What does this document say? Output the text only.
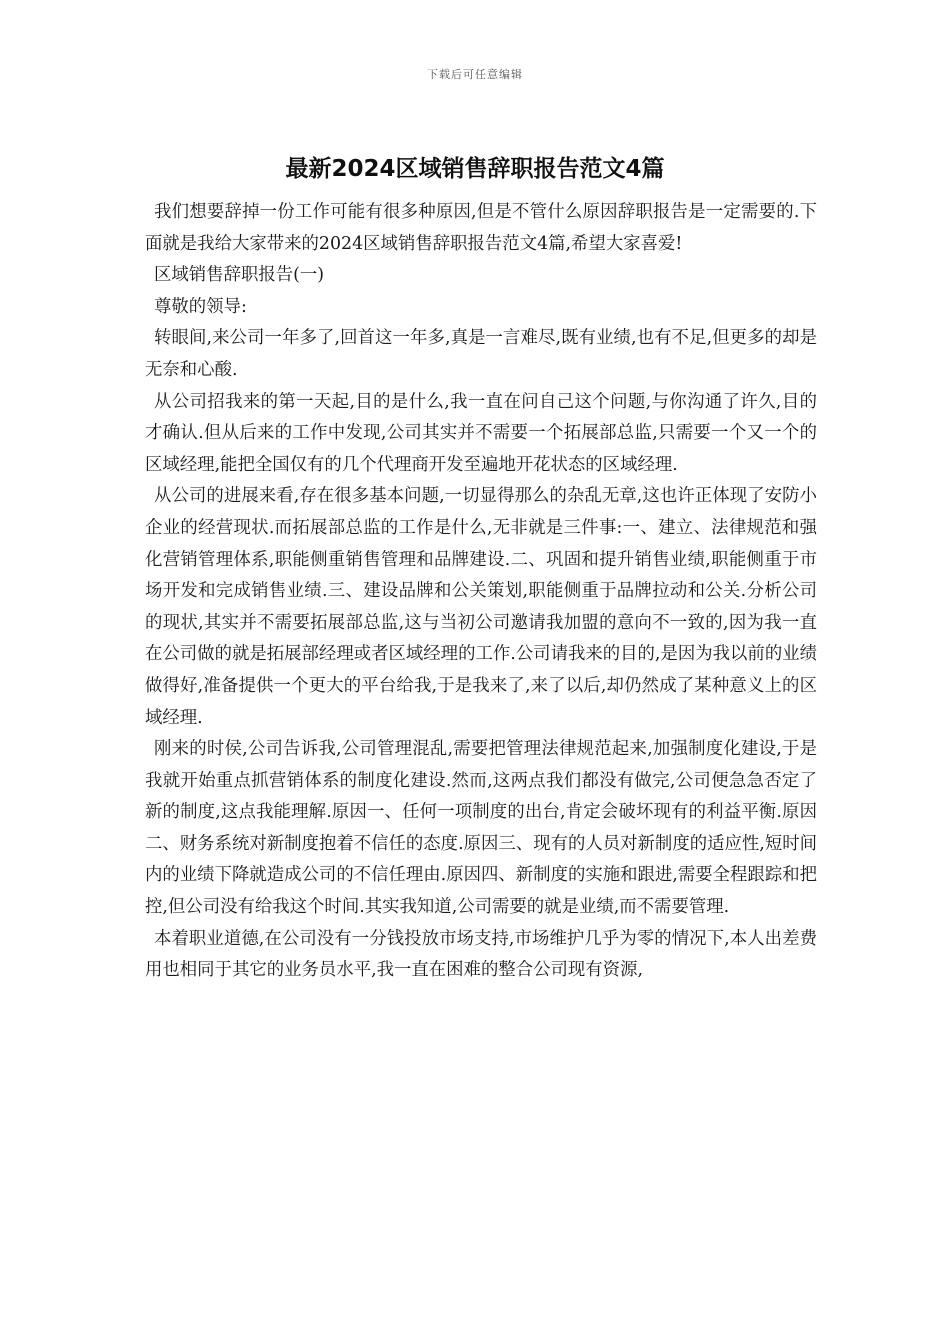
下载后可任意编辑
最新2024区域销售辞职报告范文4篇

我们想要辞掉一份工作可能有很多种原因,但是不管什么原因辞职报告是一定需要的.下面就是我给大家带来的2024区域销售辞职报告范文4篇,希望大家喜爱!

区域销售辞职报告(一)

尊敬的领导:

转眼间,来公司一年多了,回首这一年多,真是一言难尽,既有业绩,也有不足,但更多的却是无奈和心酸.

从公司招我来的第一天起,目的是什么,我一直在问自己这个问题,与你沟通了许久,目的才确认.但从后来的工作中发现,公司其实并不需要一个拓展部总监,只需要一个又一个的区域经理,能把全国仅有的几个代理商开发至遍地开花状态的区域经理.

从公司的进展来看,存在很多基本问题,一切显得那么的杂乱无章,这也许正体现了安防小企业的经营现状.而拓展部总监的工作是什么,无非就是三件事:一、建立、法律规范和强化营销管理体系,职能侧重销售管理和品牌建设.二、巩固和提升销售业绩,职能侧重于市场开发和完成销售业绩.三、建设品牌和公关策划,职能侧重于品牌拉动和公关.分析公司的现状,其实并不需要拓展部总监,这与当初公司邀请我加盟的意向不一致的,因为我一直在公司做的就是拓展部经理或者区域经理的工作.公司请我来的目的,是因为我以前的业绩做得好,准备提供一个更大的平台给我,于是我来了,来了以后,却仍然成了某种意义上的区域经理.

刚来的时侯,公司告诉我,公司管理混乱,需要把管理法律规范起来,加强制度化建设,于是我就开始重点抓营销体系的制度化建设.然而,这两点我们都没有做完,公司便急急否定了新的制度,这点我能理解.原因一、任何一项制度的出台,肯定会破坏现有的利益平衡.原因二、财务系统对新制度抱着不信任的态度.原因三、现有的人员对新制度的适应性,短时间内的业绩下降就造成公司的不信任理由.原因四、新制度的实施和跟进,需要全程跟踪和把控,但公司没有给我这个时间.其实我知道,公司需要的就是业绩,而不需要管理.

本着职业道德,在公司没有一分钱投放市场支持,市场维护几乎为零的情况下,本人出差费用也相同于其它的业务员水平,我一直在困难的整合公司现有资源,
